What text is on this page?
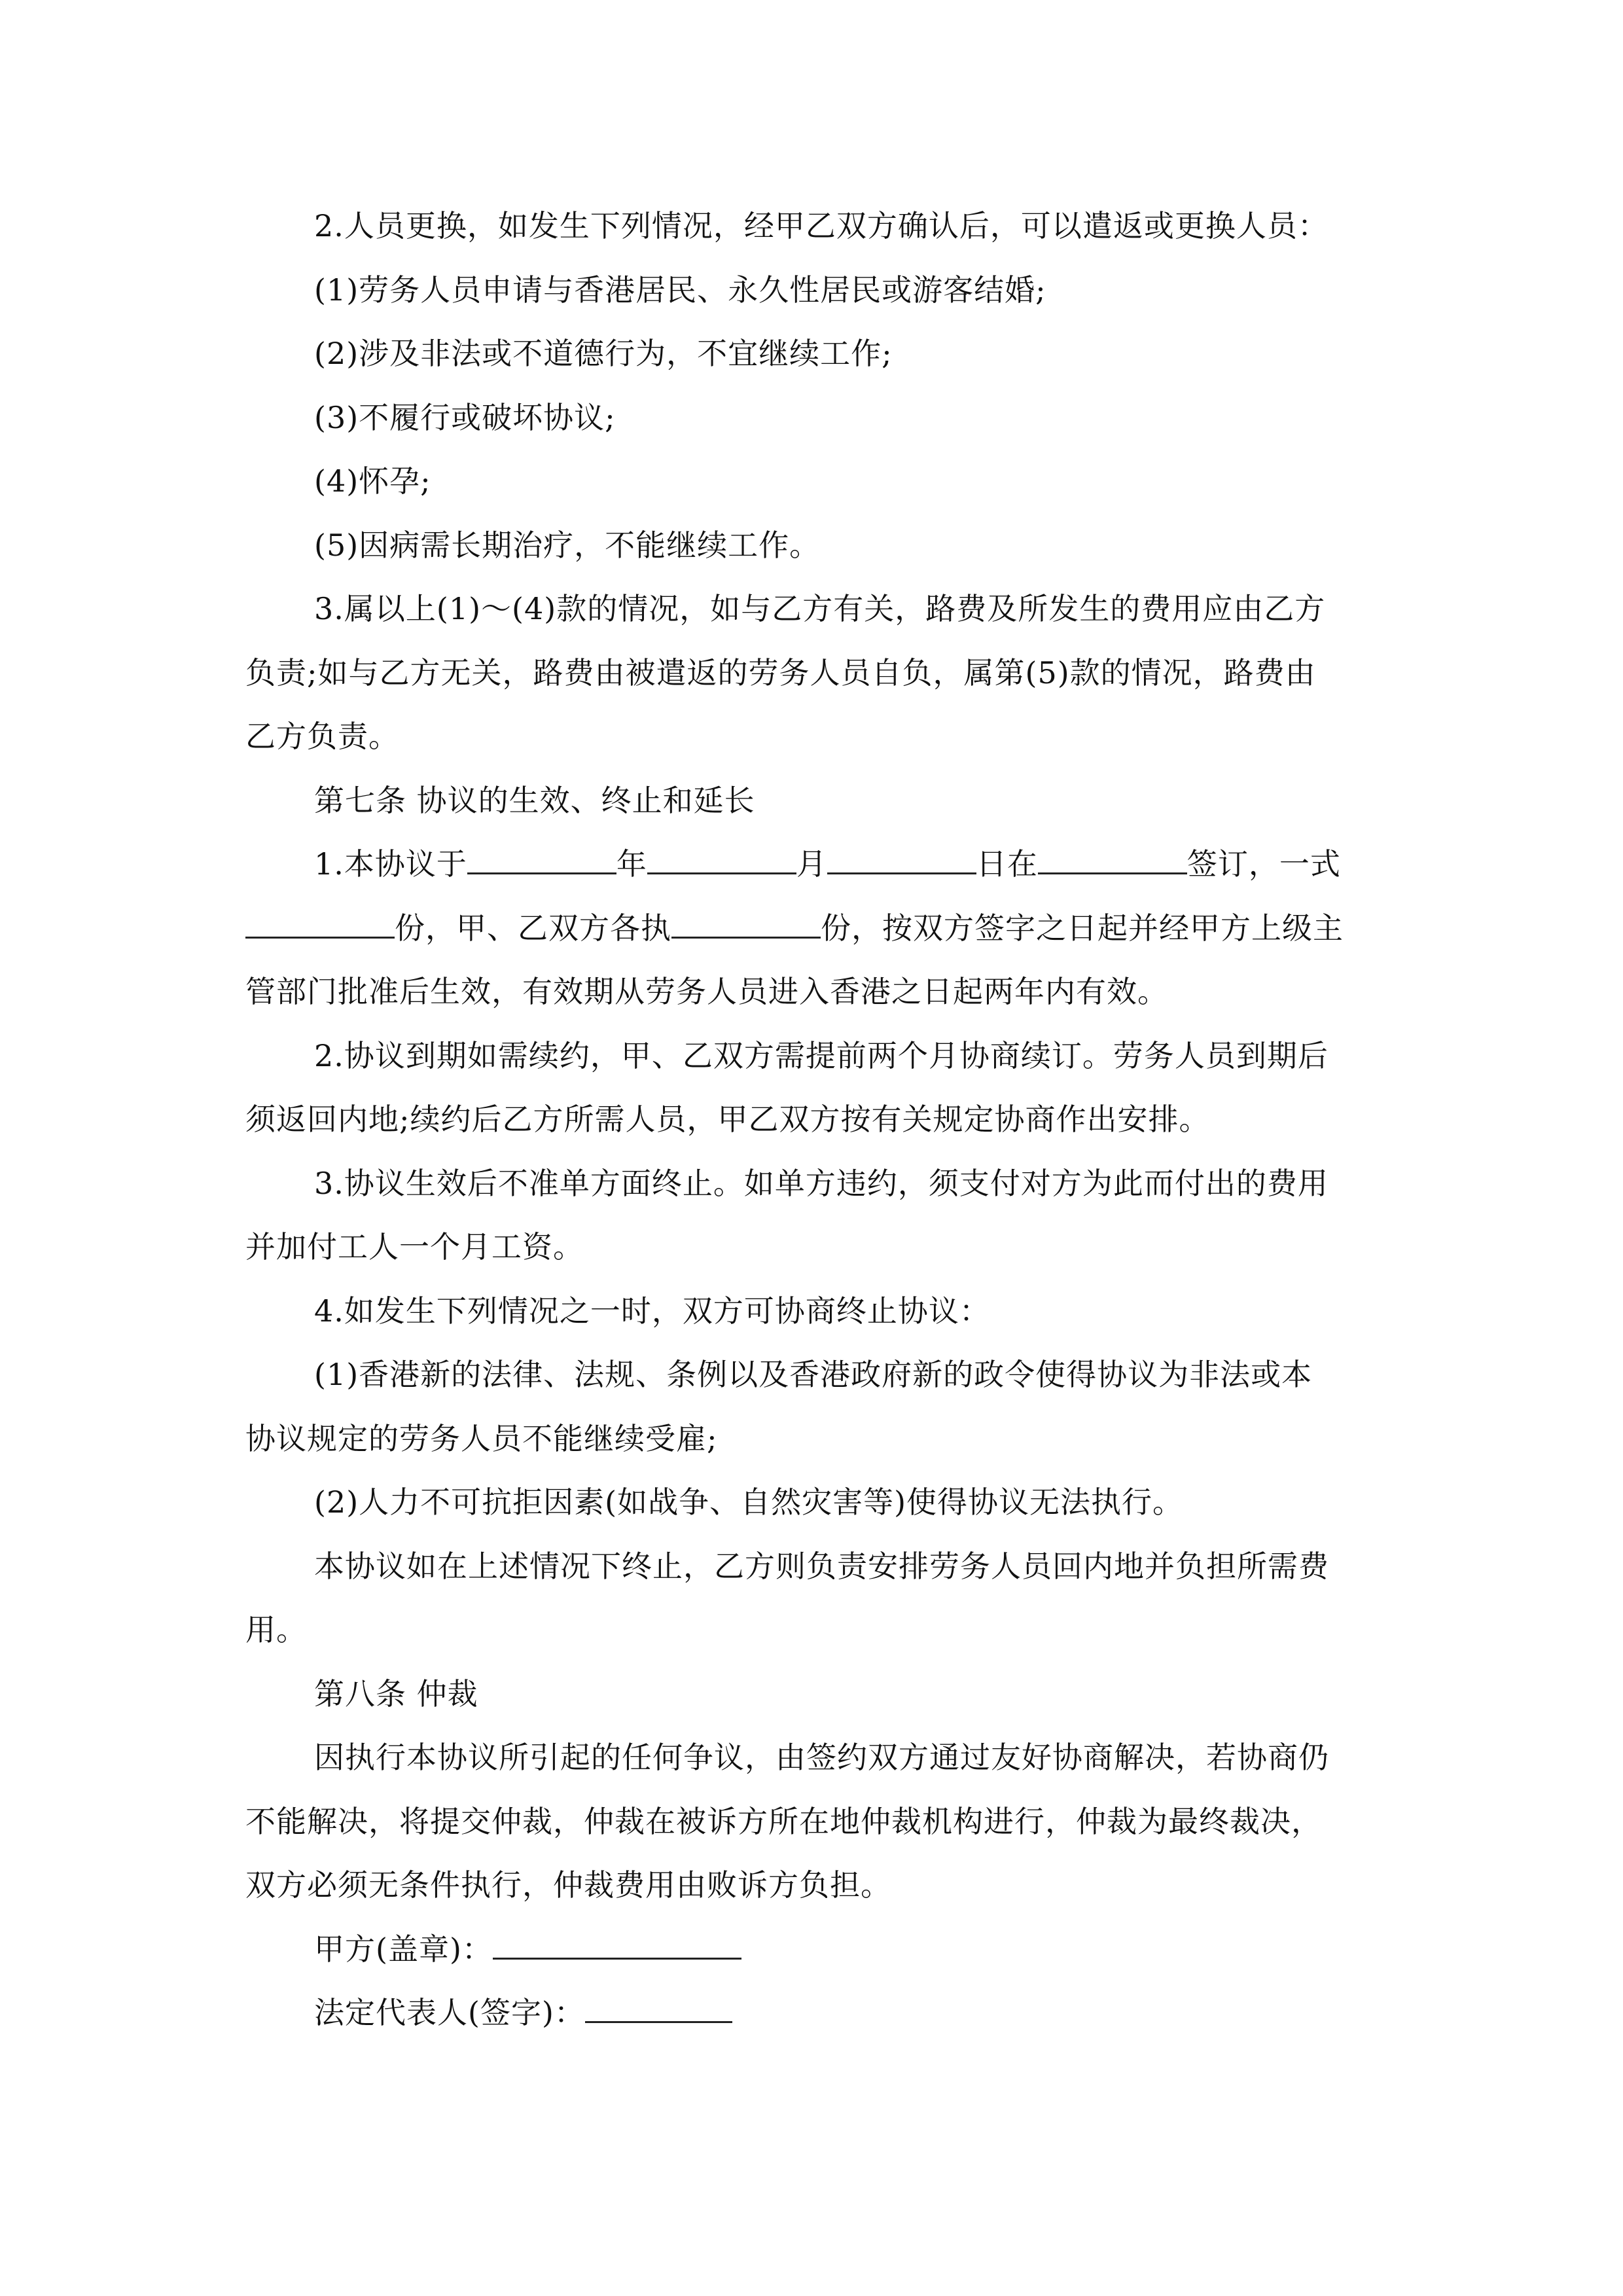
2.人员更换，如发生下列情况，经甲乙双方确认后，可以遣返或更换人员：
(1)劳务人员申请与香港居民、永久性居民或游客结婚;
(2)涉及非法或不道德行为，不宜继续工作;
(3)不履行或破坏协议;
(4)怀孕;
(5)因病需长期治疗，不能继续工作。
3.属以上(1)～(4)款的情况，如与乙方有关，路费及所发生的费用应由乙方
负责;如与乙方无关，路费由被遣返的劳务人员自负，属第(5)款的情况，路费由
乙方负责。
第七条 协议的生效、终止和延长
1.本协议于	年	月	日在	签订，一式
份，甲、乙双方各执	份，按双方签字之日起并经甲方上级主
管部门批准后生效，有效期从劳务人员进入香港之日起两年内有效。
2.协议到期如需续约，甲、乙双方需提前两个月协商续订。劳务人员到期后
须返回内地;续约后乙方所需人员，甲乙双方按有关规定协商作出安排。
3.协议生效后不准单方面终止。如单方违约，须支付对方为此而付出的费用
并加付工人一个月工资。
4.如发生下列情况之一时，双方可协商终止协议：
(1)香港新的法律、法规、条例以及香港政府新的政令使得协议为非法或本
协议规定的劳务人员不能继续受雇;
(2)人力不可抗拒因素(如战争、自然灾害等)使得协议无法执行。
本协议如在上述情况下终止，乙方则负责安排劳务人员回内地并负担所需费
用。
第八条 仲裁
因执行本协议所引起的任何争议，由签约双方通过友好协商解决，若协商仍
不能解决，将提交仲裁，仲裁在被诉方所在地仲裁机构进行，仲裁为最终裁决，
双方必须无条件执行，仲裁费用由败诉方负担。
甲方(盖章)：
法定代表人(签字)：
